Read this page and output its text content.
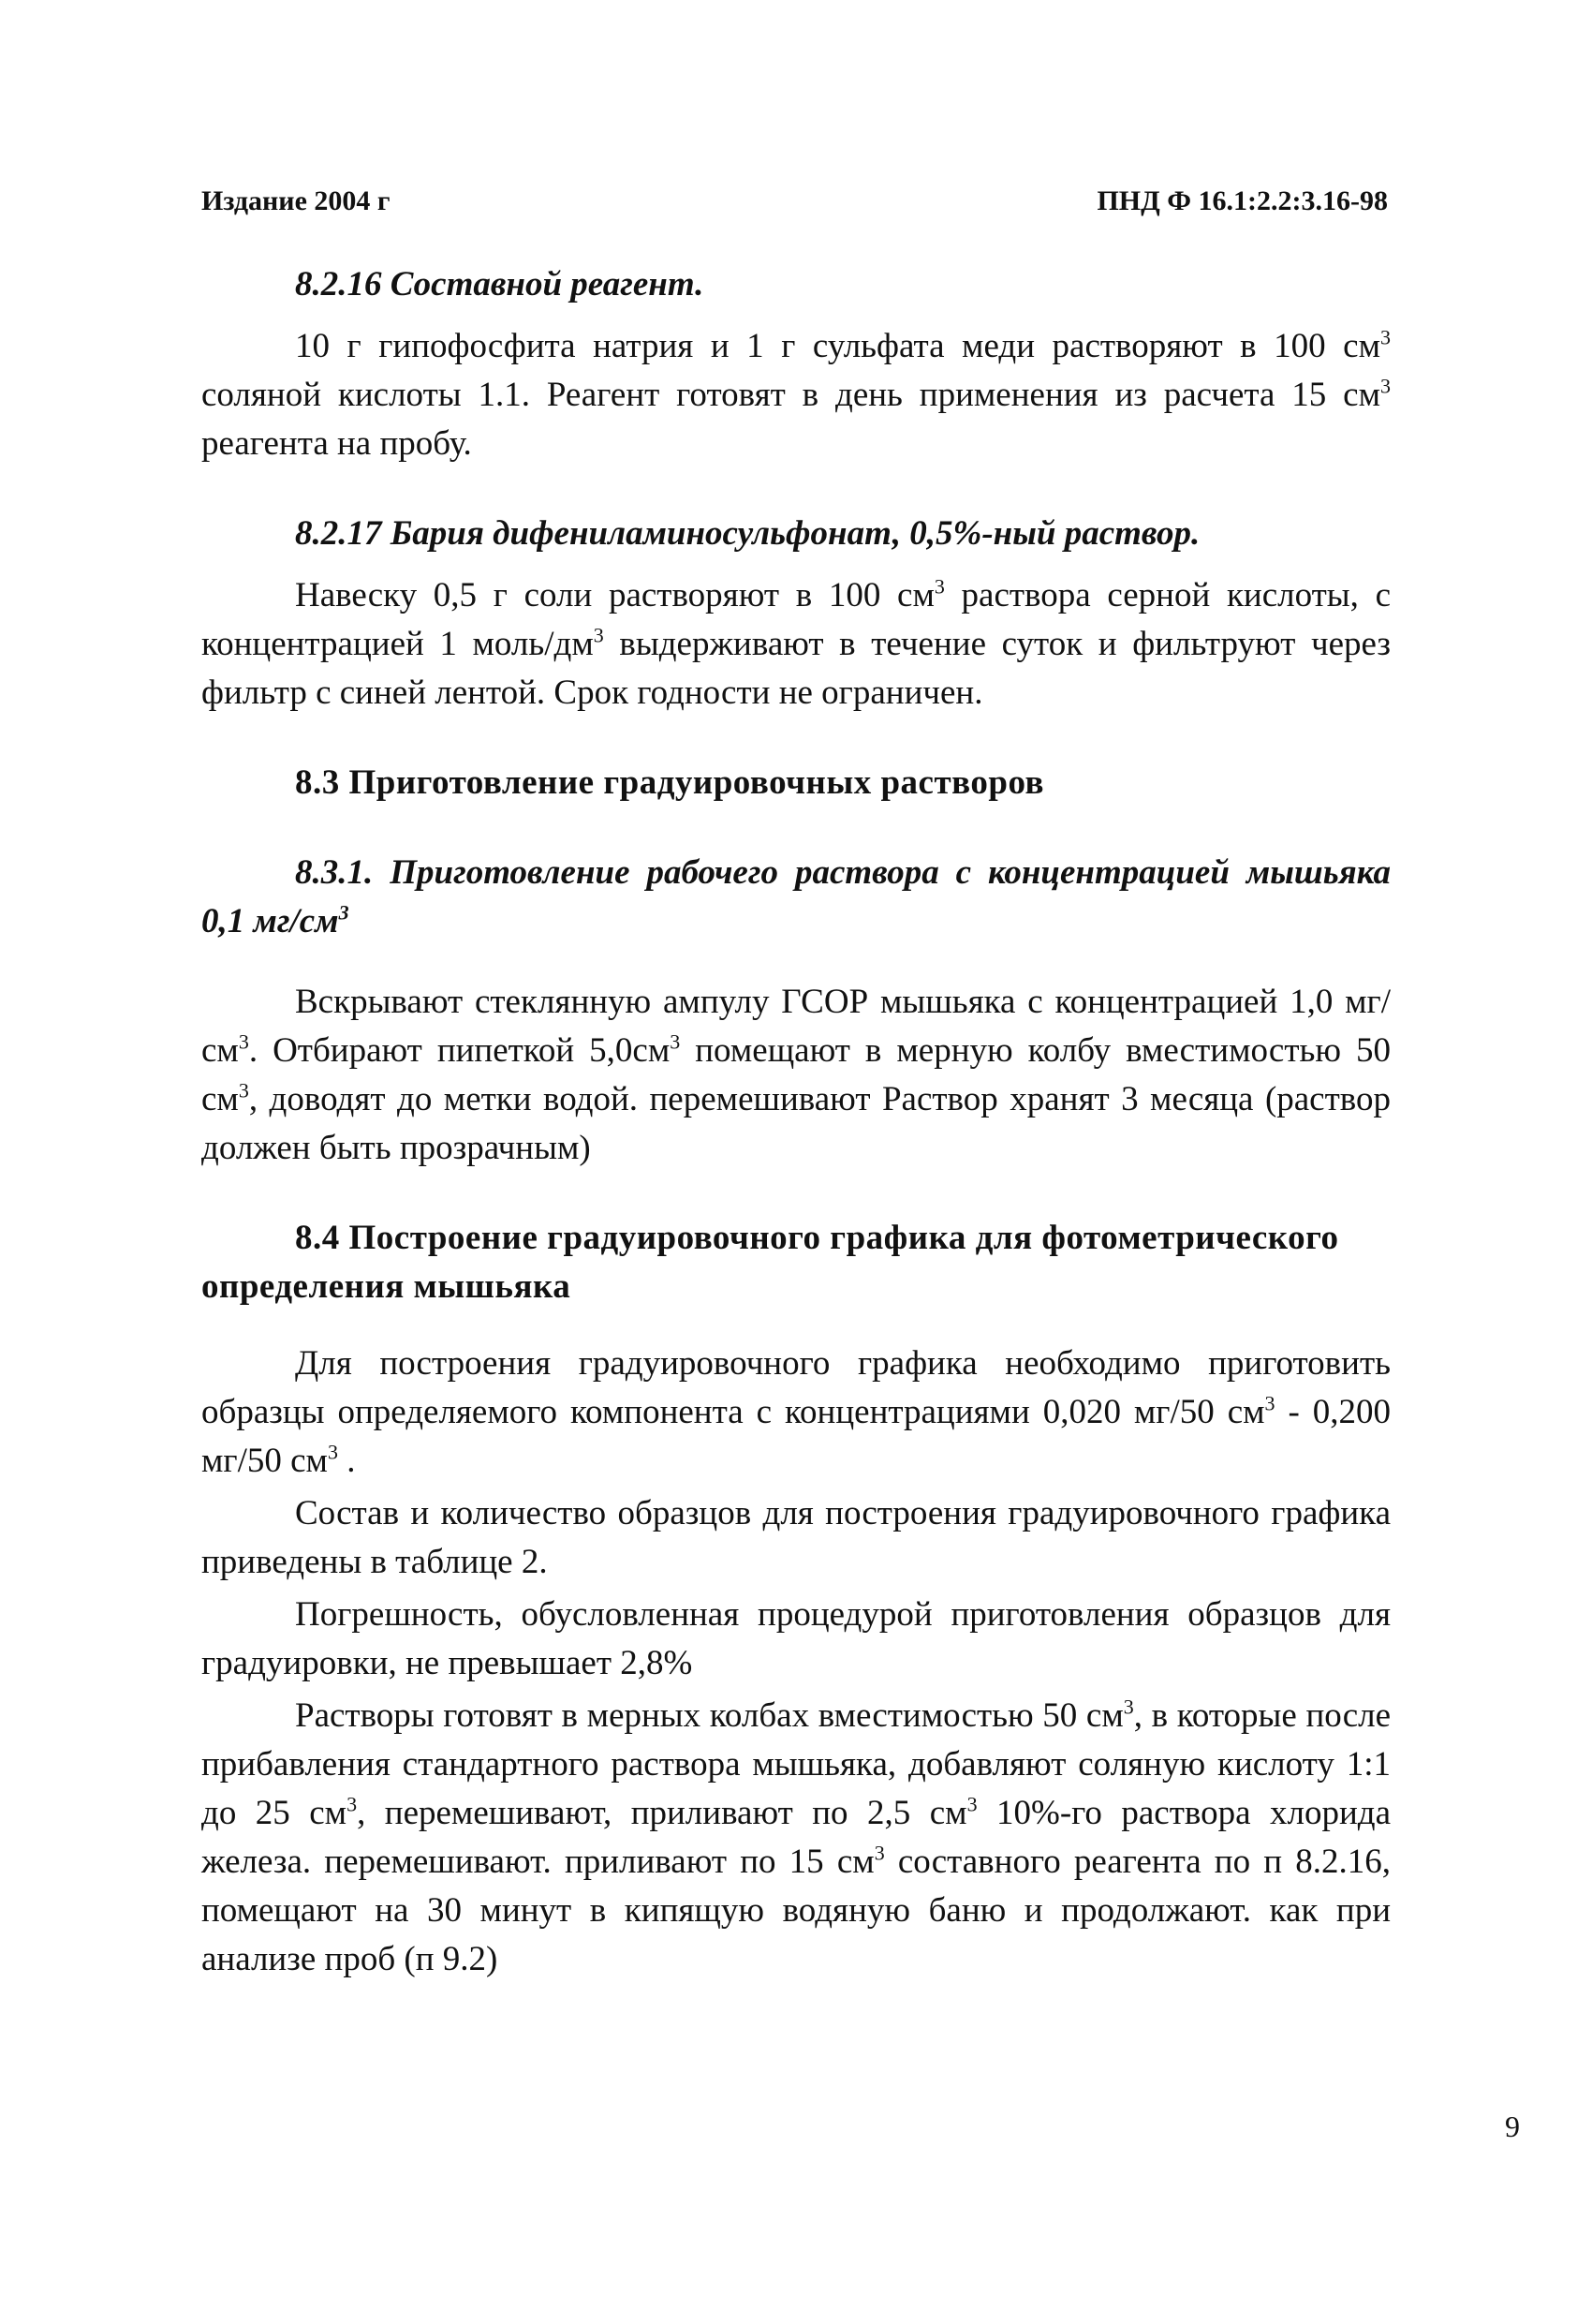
Издание 2004 г	ПНД Ф 16.1:2.2:3.16-98
8.2.16 Составной реагент.

10 г гипофосфита натрия и 1 г сульфата меди растворяют в 100 $см^3$ соляной кислоты 1.1. Реагент готовят в день применения из расчета 15 $см^3$ реагента на пробу.

8.2.17 Бария дифениламиносульфонат, 0,5%-ный раствор.

Навеску 0,5 г соли растворяют в 100 $см^3$ раствора серной кислоты, с концентрацией 1 моль/$дм^3$ выдерживают в течение суток и фильтруют через фильтр с синей лентой. Срок годности не ограничен.

8.3 Приготовление градуировочных растворов
8.3.1. Приготовление рабочего раствора с концентрацией мышьяка 0,1 $мг/см^3$

Вскрывают стеклянную ампулу ГСОР мышьяка с концентрацией 1,0 $мг/см^3$. Отбирают пипеткой $5,0см^3$ помещают в мерную колбу вместимостью 50 $см^3$, доводят до метки водой. перемешивают Раствор хранят 3 месяца (раствор должен быть прозрачным)

8.4 Построение градуировочного графика для фотометрического определения мышьяка

Для построения градуировочного графика необходимо приготовить образцы определяемого компонента с концентрациями 0,020 мг/50 $см^3 - 0,200$ мг/50 $см^3$ .

Состав и количество образцов для построения градуировочного графика приведены в таблице 2.

Погрешность, обусловленная процедурой приготовления образцов для градуировки, не превышает 2,8%

Растворы готовят в мерных колбах вместимостью 50 $см^3$, в которые после прибавления стандартного раствора мышьяка, добавляют соляную кислоту 1:1 до 25 $см^3$, перемешивают, приливают по 2,5 $см^3$ 10%-го раствора хлорида железа. перемешивают. приливают по 15 $см^3$ составного реагента по п 8.2.16, помещают на 30 минут в кипящую водяную баню и продолжают. как при анализе проб (п 9.2)

9
